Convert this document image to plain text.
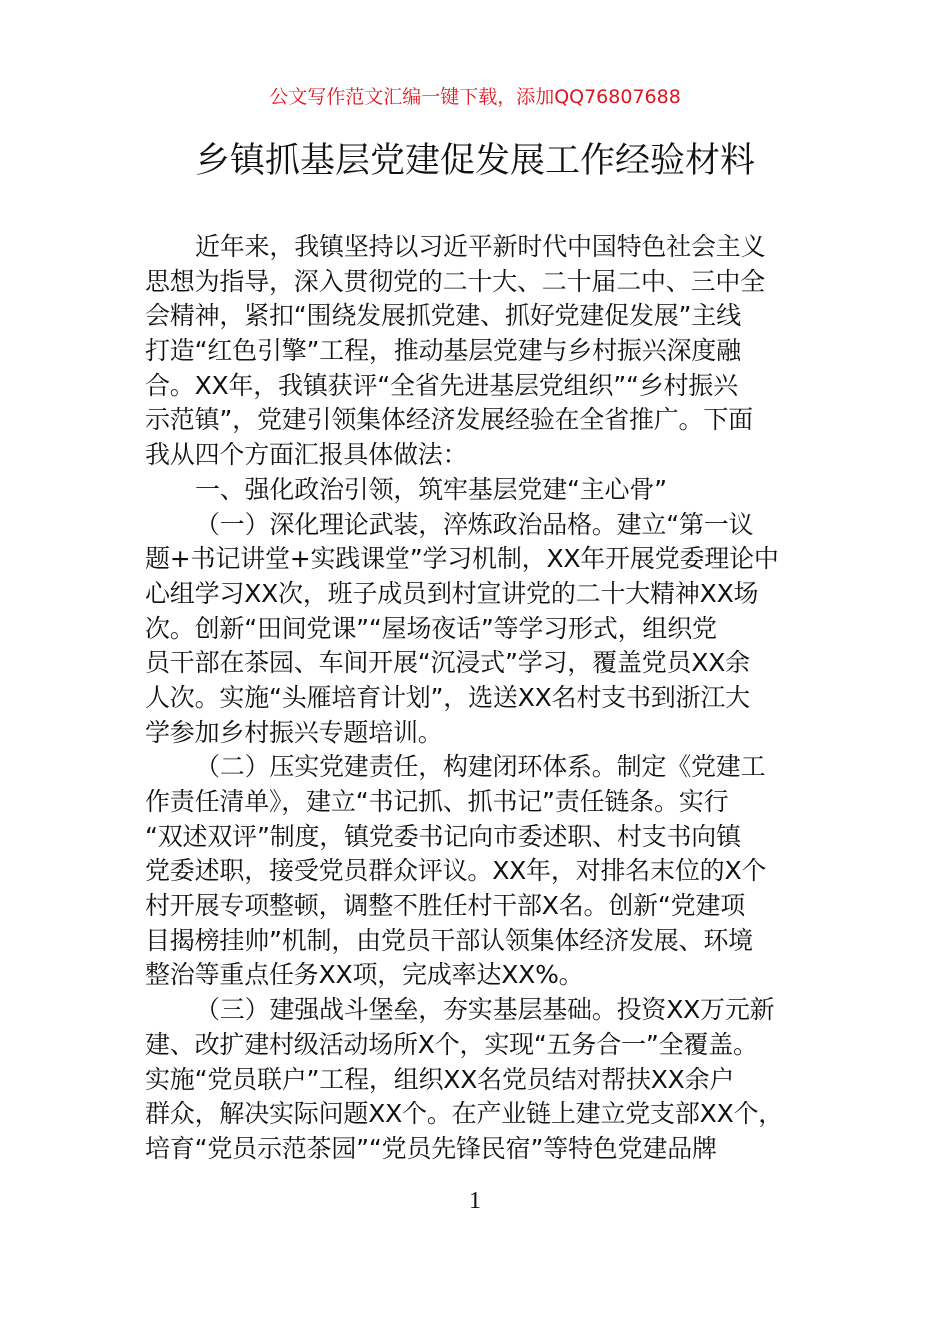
公文写作范文汇编一键下载，添加QQ76807688
乡镇抓基层党建促发展工作经验材料
近年来，我镇坚持以习近平新时代中国特色社会主义
思想为指导，深入贯彻党的二十大、二十届二中、三中全
会精神，紧扣“围绕发展抓党建、抓好党建促发展”主线
打造“红色引擎”工程，推动基层党建与乡村振兴深度融
合。XX年，我镇获评“全省先进基层党组织”“乡村振兴
示范镇”，党建引领集体经济发展经验在全省推广。下面
我从四个方面汇报具体做法：
一、强化政治引领，筑牢基层党建“主心骨”
（一）深化理论武装，淬炼政治品格。建立“第一议
题+书记讲堂+实践课堂”学习机制，XX年开展党委理论中
心组学习XX次，班子成员到村宣讲党的二十大精神XX场
次。创新“田间党课”“屋场夜话”等学习形式，组织党
员干部在茶园、车间开展“沉浸式”学习，覆盖党员XX余
人次。实施“头雁培育计划”，选送XX名村支书到浙江大
学参加乡村振兴专题培训。
（二）压实党建责任，构建闭环体系。制定《党建工
作责任清单》，建立“书记抓、抓书记”责任链条。实行
“双述双评”制度，镇党委书记向市委述职、村支书向镇
党委述职，接受党员群众评议。XX年，对排名末位的X个
村开展专项整顿，调整不胜任村干部X名。创新“党建项
目揭榜挂帅”机制，由党员干部认领集体经济发展、环境
整治等重点任务XX项，完成率达XX%。
（三）建强战斗堡垒，夯实基层基础。投资XX万元新
建、改扩建村级活动场所X个，实现“五务合一”全覆盖。
实施“党员联户”工程，组织XX名党员结对帮扶XX余户
群众，解决实际问题XX个。在产业链上建立党支部XX个，
培育“党员示范茶园”“党员先锋民宿”等特色党建品牌
1
